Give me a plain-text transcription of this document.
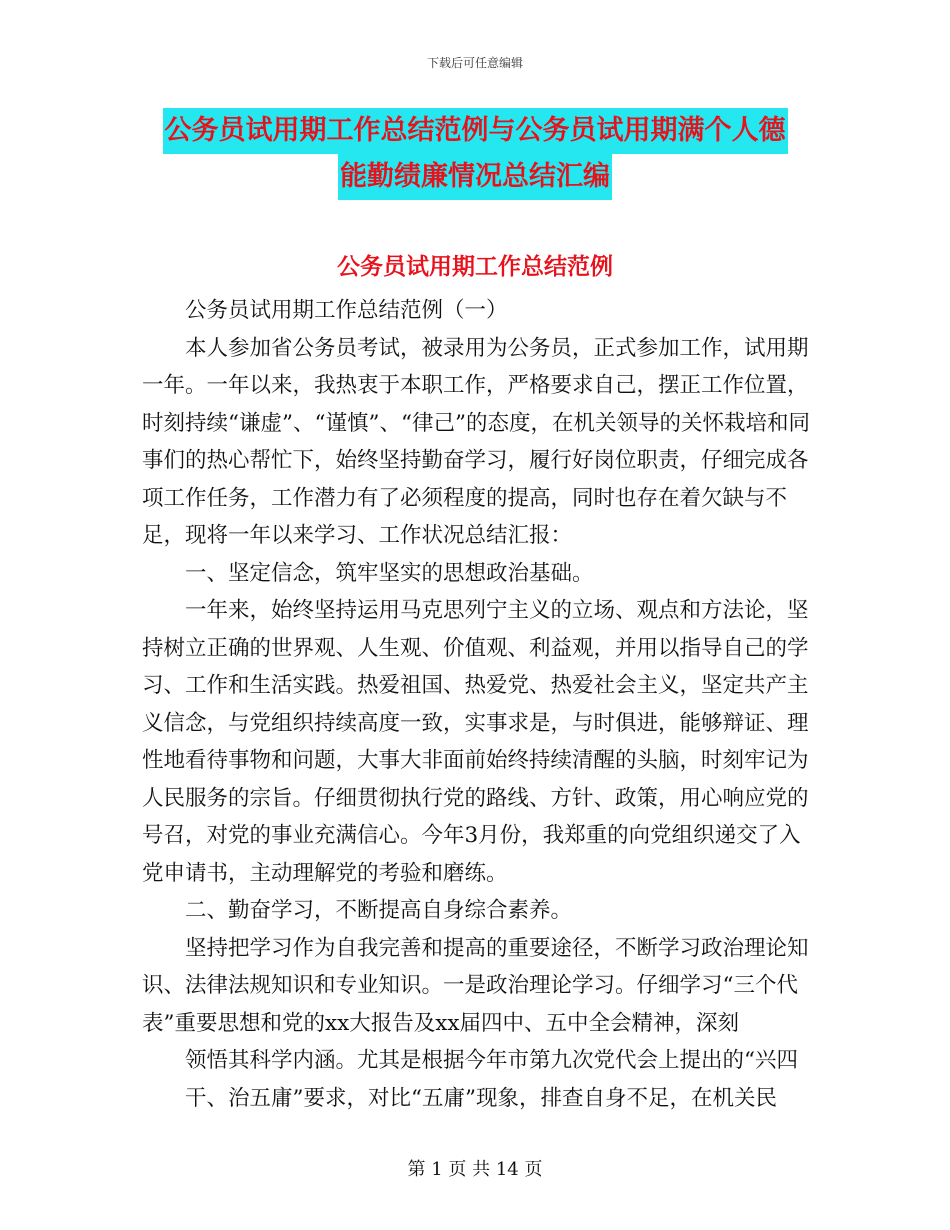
下载后可任意编辑
公务员试用期工作总结范例与公务员试用期满个人德
能勤绩廉情况总结汇编
公务员试用期工作总结范例

公务员试用期工作总结范例（一）

本人参加省公务员考试，被录用为公务员，正式参加工作，试用期一年。一年以来，我热衷于本职工作，严格要求自己，摆正工作位置，时刻持续“谦虚”、“谨慎”、“律己”的态度，在机关领导的关怀栽培和同事们的热心帮忙下，始终坚持勤奋学习，履行好岗位职责，仔细完成各项工作任务，工作潜力有了必须程度的提高，同时也存在着欠缺与不足，现将一年以来学习、工作状况总结汇报：

一、坚定信念，筑牢坚实的思想政治基础。

一年来，始终坚持运用马克思列宁主义的立场、观点和方法论，坚持树立正确的世界观、人生观、价值观、利益观，并用以指导自己的学习、工作和生活实践。热爱祖国、热爱党、热爱社会主义，坚定共产主义信念，与党组织持续高度一致，实事求是，与时俱进，能够辩证、理性地看待事物和问题，大事大非面前始终持续清醒的头脑，时刻牢记为人民服务的宗旨。仔细贯彻执行党的路线、方针、政策，用心响应党的号召，对党的事业充满信心。今年3月份，我郑重的向党组织递交了入党申请书，主动理解党的考验和磨练。

二、勤奋学习，不断提高自身综合素养。

坚持把学习作为自我完善和提高的重要途径，不断学习政治理论知识、法律法规知识和专业知识。一是政治理论学习。仔细学习“三个代表”重要思想和党的xx大报告及xx届四中、五中全会精神，深刻

领悟其科学内涵。尤其是根据今年市第九次党代会上提出的“兴四干、治五庸”要求，对比“五庸”现象，排查自身不足，在机关民

第 1 页 共 14 页
